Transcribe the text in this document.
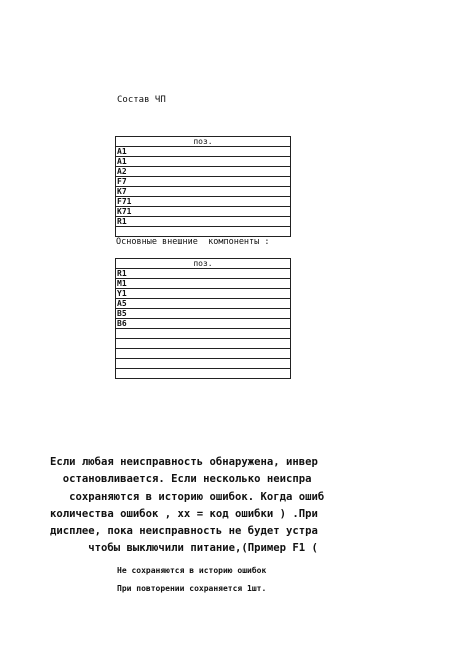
Состав ЧП
поз.
A1
A1
A2
F7
K7
F71
K71
R1

Основные внешние  компоненты :
поз.
R1
M1
Y1
A5
B5
B6

Если любая неисправность обнаружена, инвер
остановливается. Если несколько неиспра
сохраняются в историю ошибок. Когда ошиб
количества ошибок , xx = код ошибки ) .При
дисплее, пока неисправность не будет устра
чтобы выключили питание,(Пример F1 (
Не сохраняются в историю ошибок
При повторении сохраняется 1шт.
